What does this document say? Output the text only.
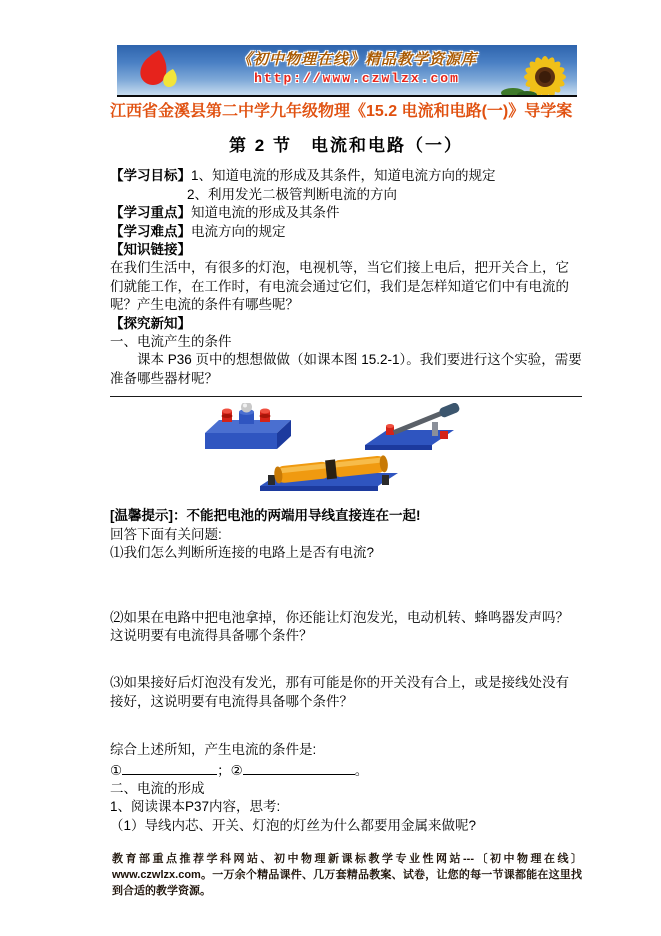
《初中物理在线》精品教学资源库
http://www.czwlzx.com
江西省金溪县第二中学九年级物理《15.2 电流和电路(一)》导学案
第 2 节　电流和电路（一）
【学习目标】1、知道电流的形成及其条件，知道电流方向的规定
2、利用发光二极管判断电流的方向
【学习重点】知道电流的形成及其条件
【学习难点】电流方向的规定
【知识链接】
在我们生活中，有很多的灯泡，电视机等，当它们接上电后，把开关合上，它们就能工作，在工作时，有电流会通过它们，我们是怎样知道它们中有电流的呢？产生电流的条件有哪些呢？
【探究新知】
一、电流产生的条件
课本 P36 页中的想想做做（如课本图 15.2-1）。我们要进行这个实验，需要准备哪些器材呢？
[温馨提示]：不能把电池的两端用导线直接连在一起!
回答下面有关问题:
⑴我们怎么判断所连接的电路上是否有电流?
⑵如果在电路中把电池拿掉，你还能让灯泡发光，电动机转、蜂鸣器发声吗？这说明要有电流得具备哪个条件？
⑶如果接好后灯泡没有发光，那有可能是你的开关没有合上，或是接线处没有接好，这说明要有电流得具备哪个条件？
综合上述所知，产生电流的条件是:
①	；②	。
二、电流的形成
1、阅读课本P37内容，思考:
（1）导线内芯、开关、灯泡的灯丝为什么都要用金属来做呢?
教育部重点推荐学科网站、初中物理新课标教学专业性网站---〔初中物理在线〕www.czwlzx.com。一万余个精品课件、几万套精品教案、试卷，让您的每一节课都能在这里找到合适的教学资源。
